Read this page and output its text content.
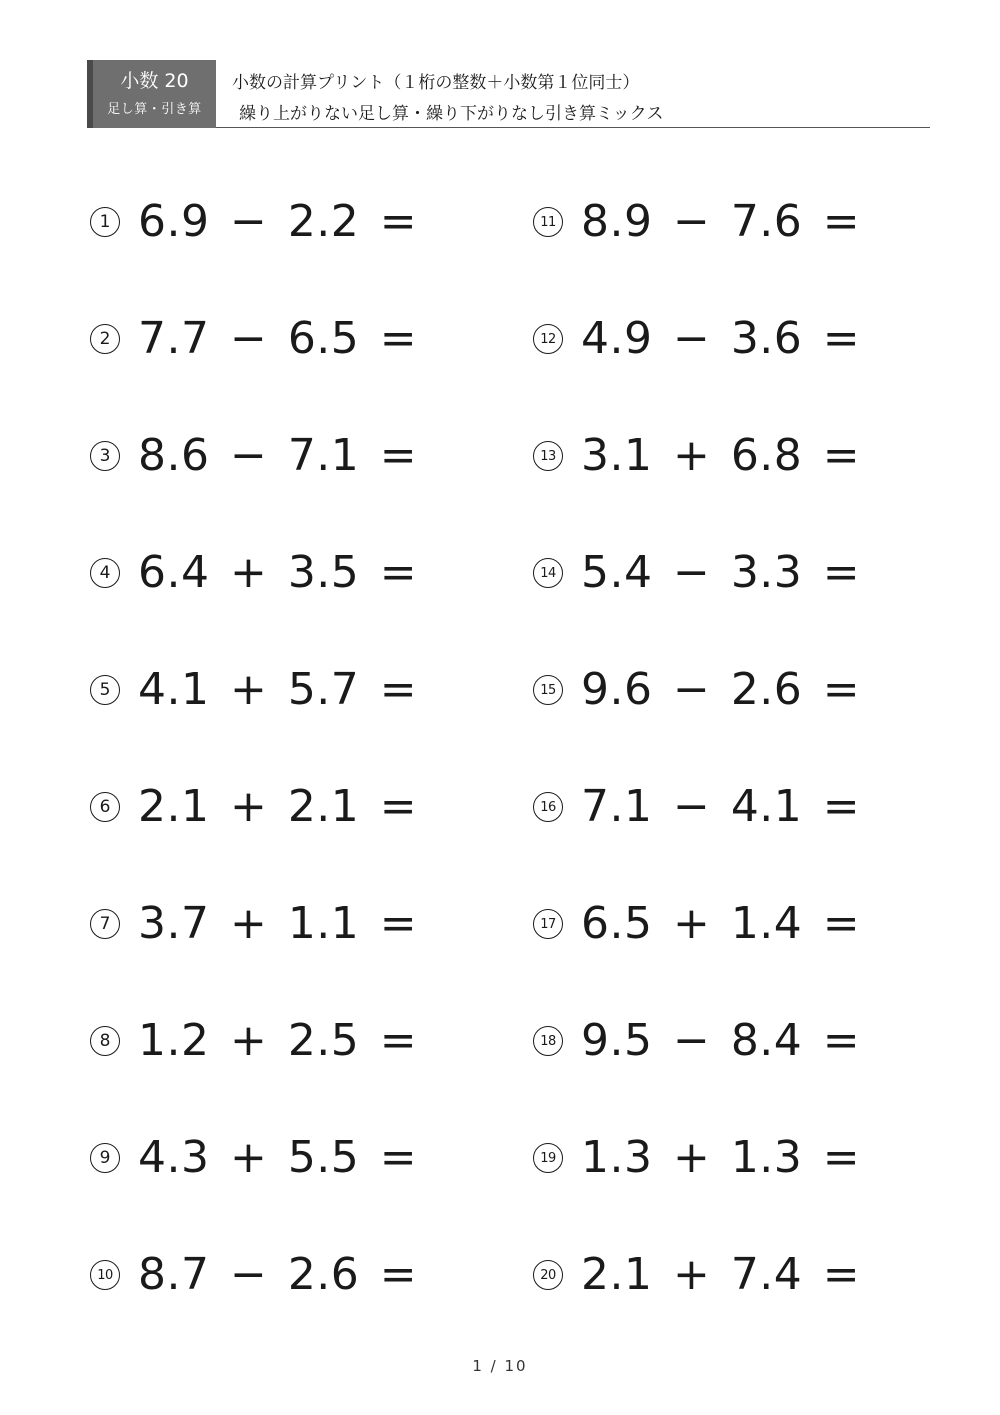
小数 20
足し算・引き算
小数の計算プリント（１桁の整数＋小数第１位同士）
繰り上がりない足し算・繰り下がりなし引き算ミックス
1 6.9 − 2.2 =
2 7.7 − 6.5 =
3 8.6 − 7.1 =
4 6.4 + 3.5 =
5 4.1 + 5.7 =
6 2.1 + 2.1 =
7 3.7 + 1.1 =
8 1.2 + 2.5 =
9 4.3 + 5.5 =
10 8.7 − 2.6 =
11 8.9 − 7.6 =
12 4.9 − 3.6 =
13 3.1 + 6.8 =
14 5.4 − 3.3 =
15 9.6 − 2.6 =
16 7.1 − 4.1 =
17 6.5 + 1.4 =
18 9.5 − 8.4 =
19 1.3 + 1.3 =
20 2.1 + 7.4 =
1 / 10
